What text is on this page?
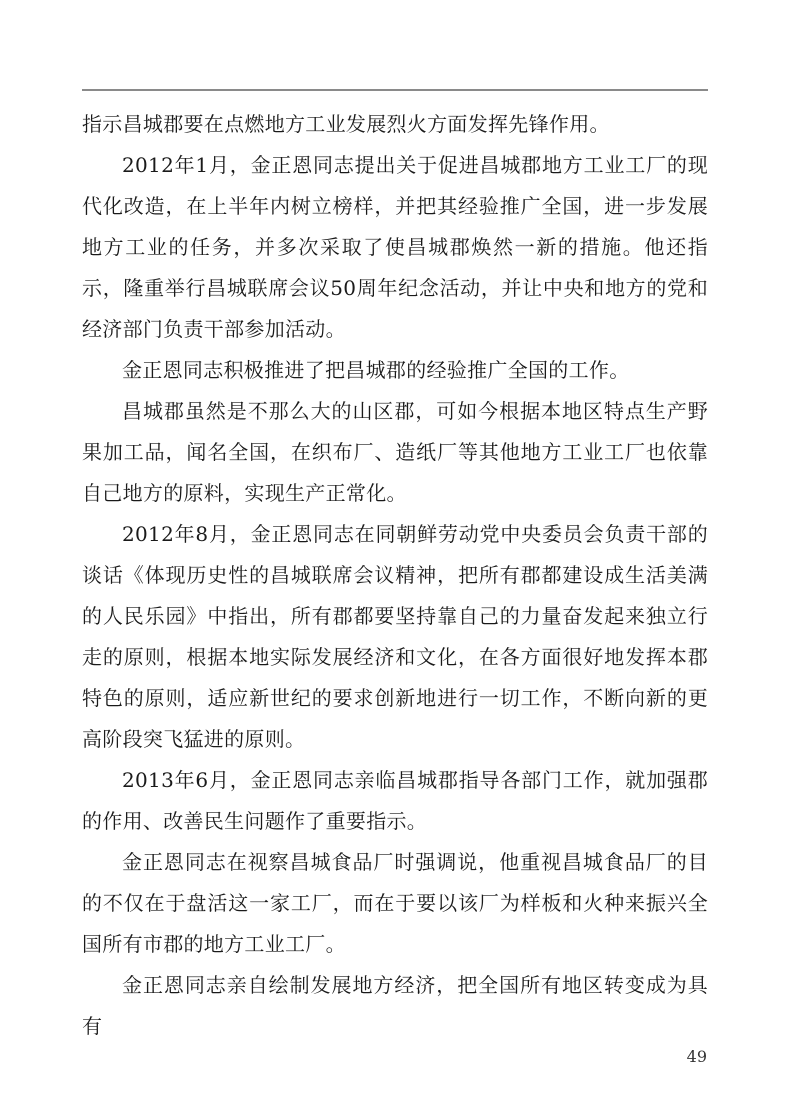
指示昌城郡要在点燃地方工业发展烈火方面发挥先锋作用。

2012年1月，金正恩同志提出关于促进昌城郡地方工业工厂的现代化改造，在上半年内树立榜样，并把其经验推广全国，进一步发展地方工业的任务，并多次采取了使昌城郡焕然一新的措施。他还指示，隆重举行昌城联席会议50周年纪念活动，并让中央和地方的党和经济部门负责干部参加活动。

金正恩同志积极推进了把昌城郡的经验推广全国的工作。

昌城郡虽然是不那么大的山区郡，可如今根据本地区特点生产野果加工品，闻名全国，在织布厂、造纸厂等其他地方工业工厂也依靠自己地方的原料，实现生产正常化。

2012年8月，金正恩同志在同朝鲜劳动党中央委员会负责干部的谈话《体现历史性的昌城联席会议精神，把所有郡都建设成生活美满的人民乐园》中指出，所有郡都要坚持靠自己的力量奋发起来独立行走的原则，根据本地实际发展经济和文化，在各方面很好地发挥本郡特色的原则，适应新世纪的要求创新地进行一切工作，不断向新的更高阶段突飞猛进的原则。

2013年6月，金正恩同志亲临昌城郡指导各部门工作，就加强郡的作用、改善民生问题作了重要指示。

金正恩同志在视察昌城食品厂时强调说，他重视昌城食品厂的目的不仅在于盘活这一家工厂，而在于要以该厂为样板和火种来振兴全国所有市郡的地方工业工厂。

金正恩同志亲自绘制发展地方经济，把全国所有地区转变成为具有

49
